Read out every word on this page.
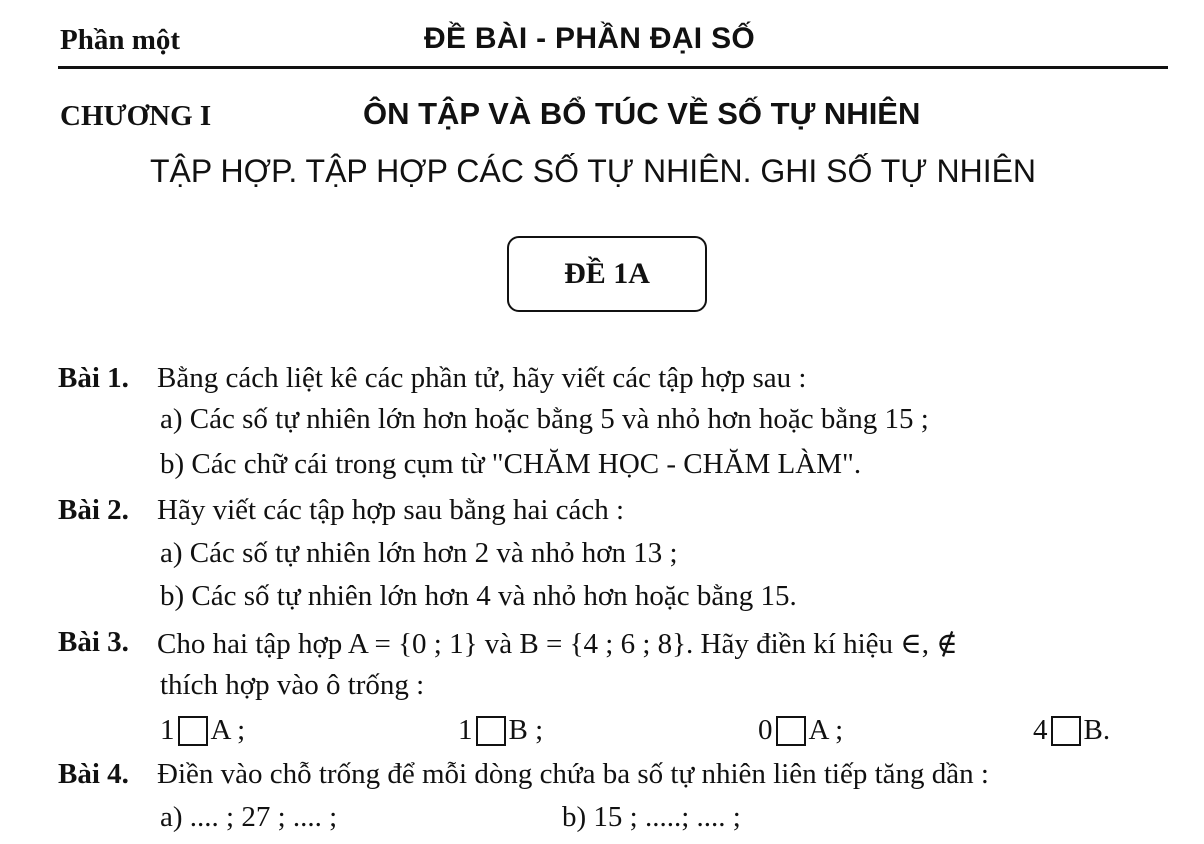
Phần một	ĐỀ BÀI - PHẦN ĐẠI SỐ
CHƯƠNG I	ÔN TẬP VÀ BỔ TÚC VỀ SỐ TỰ NHIÊN
TẬP HỢP. TẬP HỢP CÁC SỐ TỰ NHIÊN. GHI SỐ TỰ NHIÊN
ĐỀ 1A
Bài 1. Bằng cách liệt kê các phần tử, hãy viết các tập hợp sau :
a) Các số tự nhiên lớn hơn hoặc bằng 5 và nhỏ hơn hoặc bằng 15 ;
b) Các chữ cái trong cụm từ "CHĂM HỌC - CHĂM LÀM".
Bài 2. Hãy viết các tập hợp sau bằng hai cách :
a) Các số tự nhiên lớn hơn 2 và nhỏ hơn 13 ;
b) Các số tự nhiên lớn hơn 4 và nhỏ hơn hoặc bằng 15.
Bài 3. Cho hai tập hợp A = {0 ; 1} và B = {4 ; 6 ; 8}. Hãy điền kí hiệu ∈, ∉
thích hợp vào ô trống :
1 A ;	1 B ;	0 A ;	4 B.
Bài 4. Điền vào chỗ trống để mỗi dòng chứa ba số tự nhiên liên tiếp tăng dần :
a) .... ; 27 ; .... ;	b) 15 ; .....; .... ;
